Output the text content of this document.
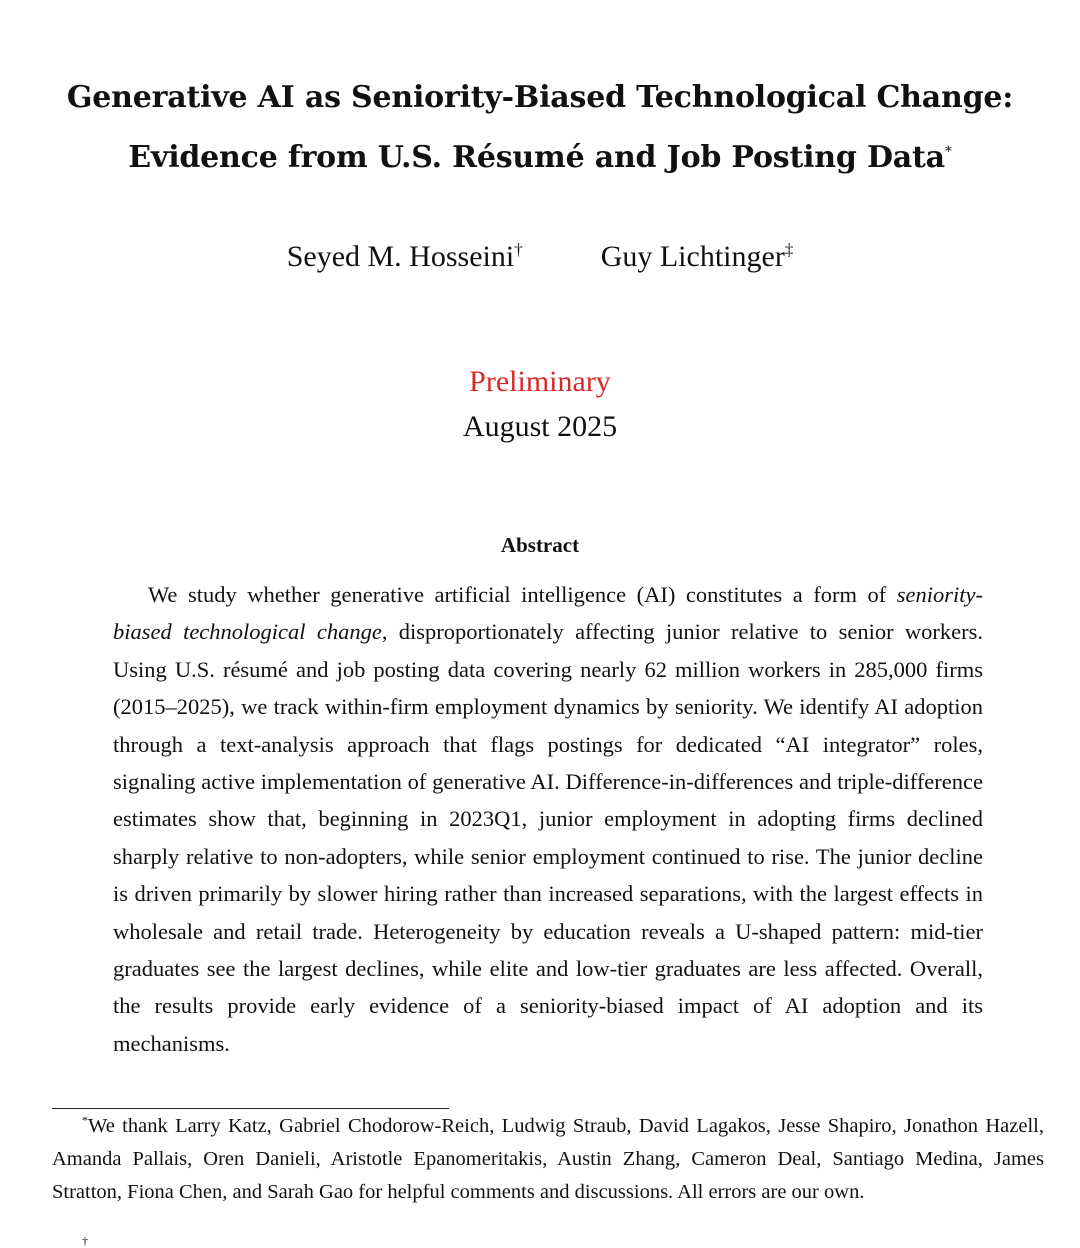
Generative AI as Seniority-Biased Technological Change:
Evidence from U.S. Résumé and Job Posting Data*
Seyed M. Hosseini†	Guy Lichtinger‡
Preliminary
August 2025
Abstract

We study whether generative artificial intelligence (AI) constitutes a form of seniority-biased technological change, disproportionately affecting junior relative to senior workers. Using U.S. résumé and job posting data covering nearly 62 million workers in 285,000 firms (2015–2025), we track within-firm employment dynamics by seniority. We identify AI adoption through a text-analysis approach that flags postings for dedicated “AI integrator” roles, signaling active implementation of generative AI. Difference-in-differences and triple-difference estimates show that, beginning in 2023Q1, junior employment in adopting firms declined sharply relative to non-adopters, while senior employment continued to rise. The junior decline is driven primarily by slower hiring rather than increased separations, with the largest effects in wholesale and retail trade. Heterogeneity by education reveals a U-shaped pattern: mid-tier graduates see the largest declines, while elite and low-tier graduates are less affected. Overall, the results provide early evidence of a seniority-biased impact of AI adoption and its mechanisms.

*We thank Larry Katz, Gabriel Chodorow-Reich, Ludwig Straub, David Lagakos, Jesse Shapiro, Jonathon Hazell, Amanda Pallais, Oren Danieli, Aristotle Epanomeritakis, Austin Zhang, Cameron Deal, Santiago Medina, James Stratton, Fiona Chen, and Sarah Gao for helpful comments and discussions. All errors are our own.

†
